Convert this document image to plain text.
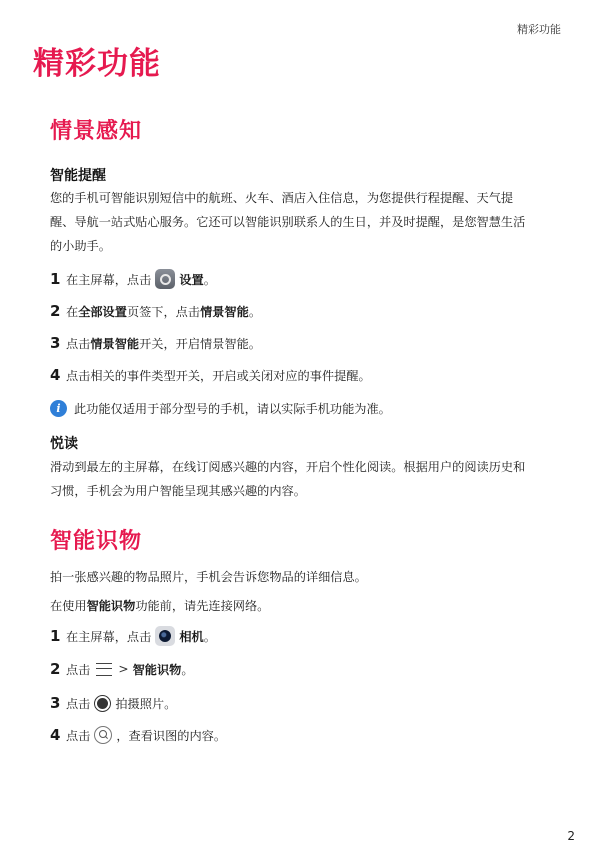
精彩功能
精彩功能
情景感知
智能提醒
您的手机可智能识别短信中的航班、火车、酒店入住信息，为您提供行程提醒、天气提
醒、导航一站式贴心服务。它还可以智能识别联系人的生日，并及时提醒，是您智慧生活
的小助手。
1 在主屏幕，点击 设置 。
2 在 全部设置 页签下，点击 情景智能 。
3 点击 情景智能 开关，开启情景智能。
4 点击相关的事件类型开关，开启或关闭对应的事件提醒。
i	此功能仅适用于部分型号的手机，请以实际手机功能为准。
悦读
滑动到最左的主屏幕，在线订阅感兴趣的内容，开启个性化阅读。根据用户的阅读历史和
习惯，手机会为用户智能呈现其感兴趣的内容。
智能识物
拍一张感兴趣的物品照片，手机会告诉您物品的详细信息。
在使用智能识物功能前，请先连接网络。
1 在主屏幕，点击 相机 。
2 点击 > 智能识物 。
3 点击 拍摄照片。
4 点击 ，查看识图的内容。
2
